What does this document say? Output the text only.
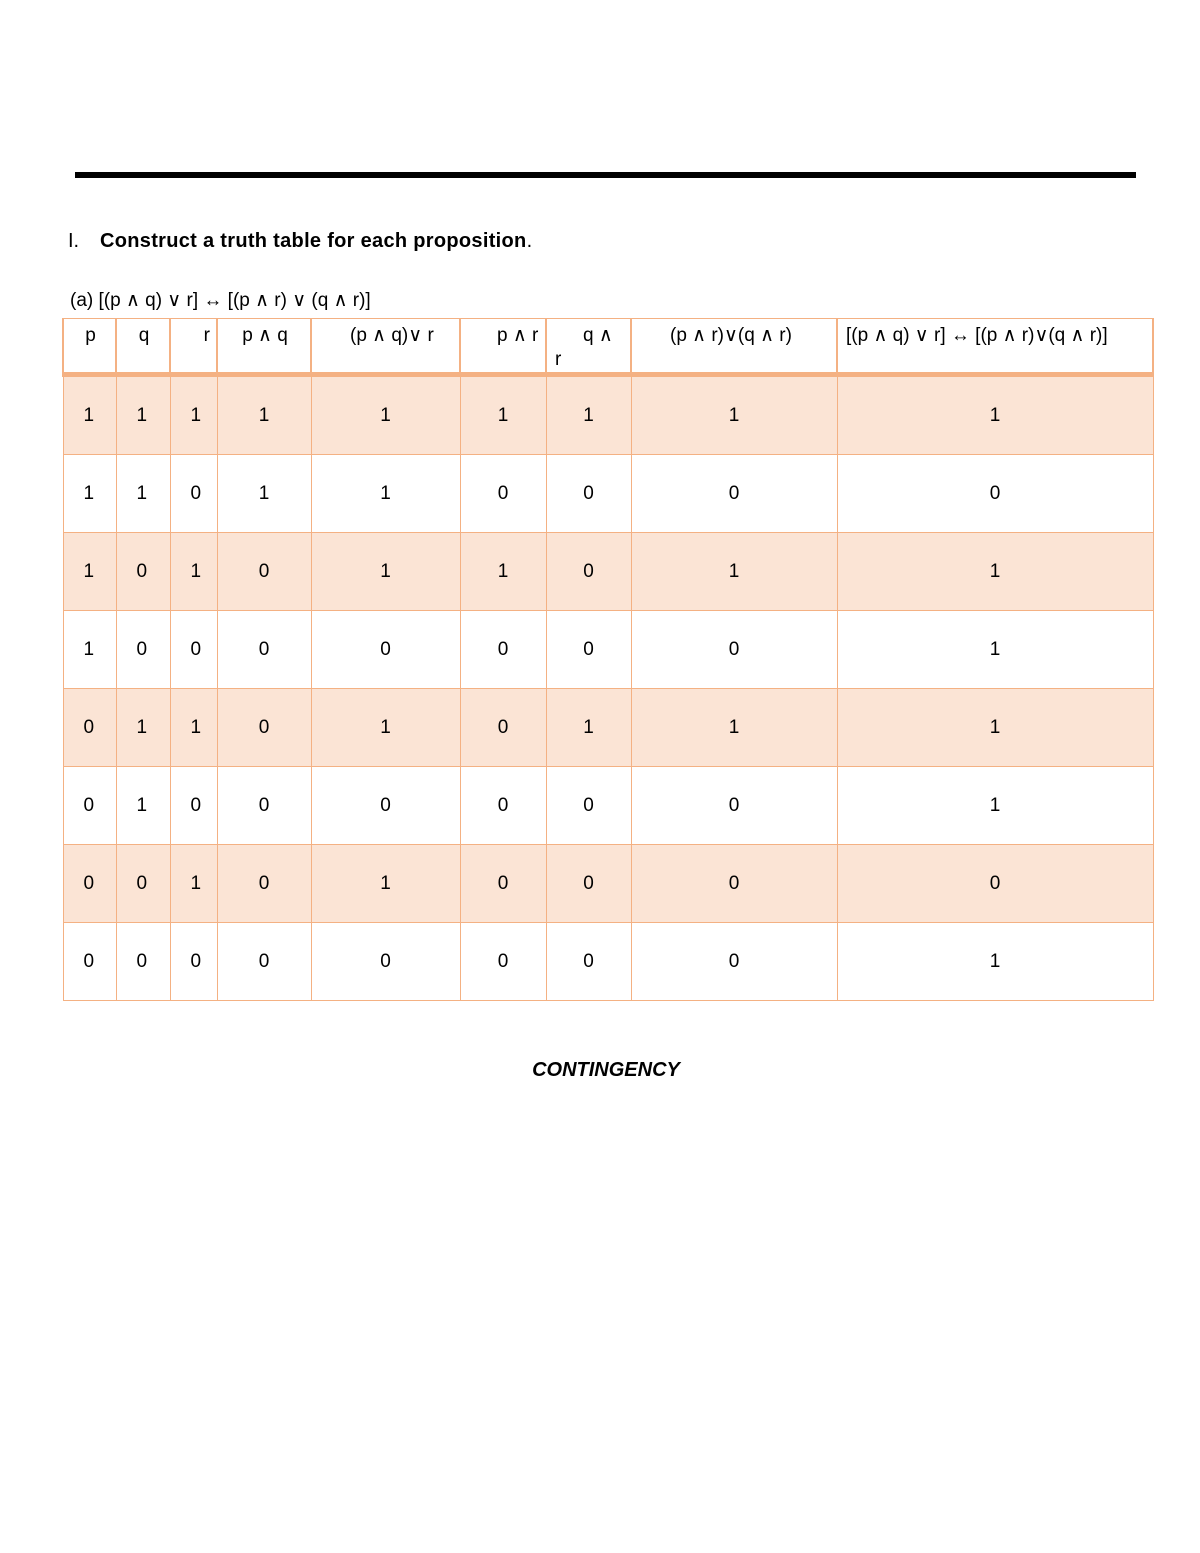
I. Construct a truth table for each proposition.
(a) [(p ∧ q) ∨ r] ↔ [(p ∧ r) ∨ (q ∧ r)]
p	q	r	p ∧ q	(p ∧ q)∨ r	p ∧ r	q ∧ r	(p ∧ r)∨(q ∧ r)	[(p ∧ q) ∨ r] ↔ [(p ∧ r)∨(q ∧ r)]
1	1	1	1	1	1	1	1	1
1	1	0	1	1	0	0	0	0
1	0	1	0	1	1	0	1	1
1	0	0	0	0	0	0	0	1
0	1	1	0	1	0	1	1	1
0	1	0	0	0	0	0	0	1
0	0	1	0	1	0	0	0	0
0	0	0	0	0	0	0	0	1
CONTINGENCY
